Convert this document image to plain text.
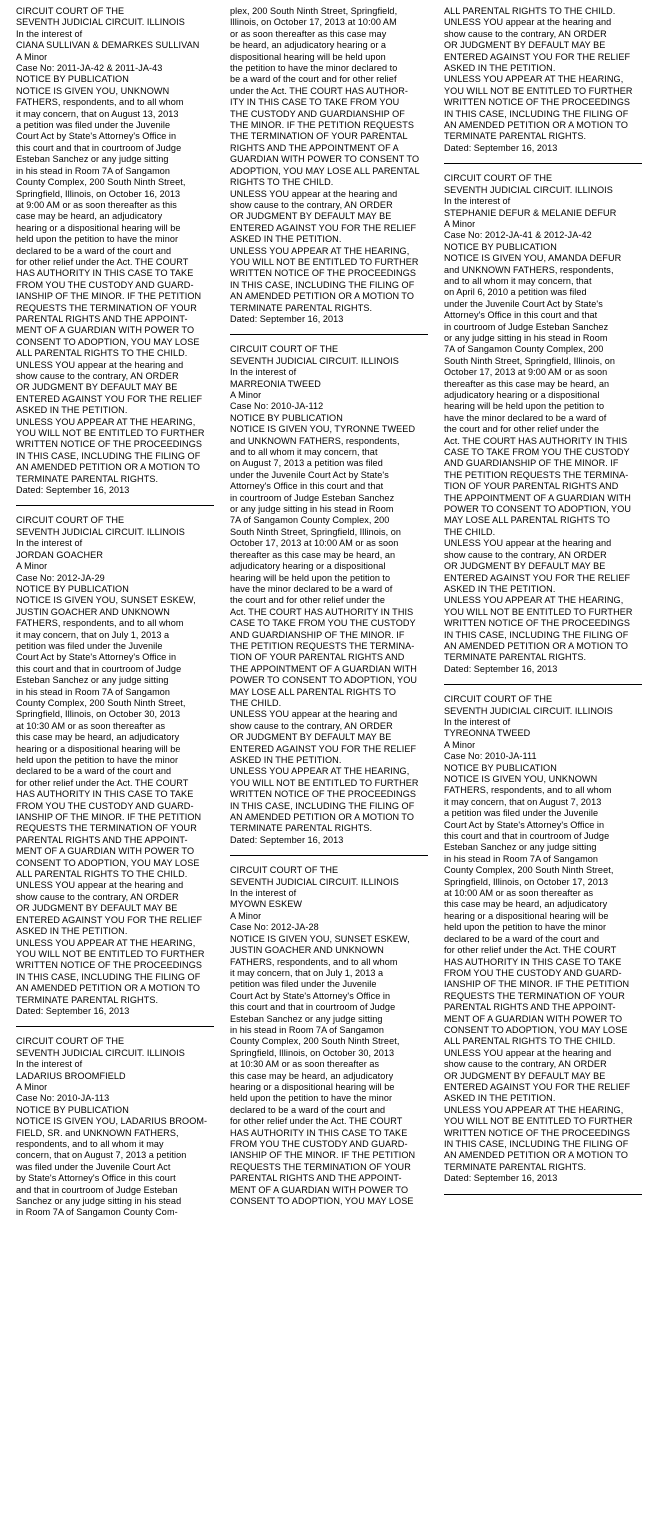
CIRCUIT COURT OF THE

SEVENTH JUDICIAL CIRCUIT. ILLINOIS

In the interest of

CIANA SULLIVAN & DEMARKES SULLIVAN

A Minor

Case No: 2011-JA-42 & 2011-JA-43

NOTICE BY PUBLICATION

NOTICE IS GIVEN YOU, UNKNOWN

FATHERS, respondents, and to all whom

it may concern, that on August 13, 2013

a petition was filed under the Juvenile

Court Act by State's Attorney's Office in

this court and that in courtroom of Judge

Esteban Sanchez or any judge sitting

in his stead in Room 7A of Sangamon

County Complex, 200 South Ninth Street,

Springfield, Illinois, on October 16, 2013

at 9:00 AM or as soon thereafter as this

case may be heard, an adjudicatory

hearing or a dispositional hearing will be

held upon the petition to have the minor

declared to be a ward of the court and

for other relief under the Act. THE COURT

HAS AUTHORITY IN THIS CASE TO TAKE

FROM YOU THE CUSTODY AND GUARD-

IANSHIP OF THE MINOR. IF THE PETITION

REQUESTS THE TERMINATION OF YOUR

PARENTAL RIGHTS AND THE APPOINT-

MENT OF A GUARDIAN WITH POWER TO

CONSENT TO ADOPTION, YOU MAY LOSE

ALL PARENTAL RIGHTS TO THE CHILD.

UNLESS YOU appear at the hearing and

show cause to the contrary, AN ORDER

OR JUDGMENT BY DEFAULT MAY BE

ENTERED AGAINST YOU FOR THE RELIEF

ASKED IN THE PETITION.

UNLESS YOU APPEAR AT THE HEARING,

YOU WILL NOT BE ENTITLED TO FURTHER

WRITTEN NOTICE OF THE PROCEEDINGS

IN THIS CASE, INCLUDING THE FILING OF

AN AMENDED PETITION OR A MOTION TO

TERMINATE PARENTAL RIGHTS.

Dated: September 16, 2013

CIRCUIT COURT OF THE

SEVENTH JUDICIAL CIRCUIT. ILLINOIS

In the interest of

JORDAN GOACHER

A Minor

Case No: 2012-JA-29

NOTICE BY PUBLICATION

NOTICE IS GIVEN YOU, SUNSET ESKEW,

JUSTIN GOACHER AND UNKNOWN

FATHERS, respondents, and to all whom

it may concern, that on July 1, 2013 a

petition was filed under the Juvenile

Court Act by State's Attorney's Office in

this court and that in courtroom of Judge

Esteban Sanchez or any judge sitting

in his stead in Room 7A of Sangamon

County Complex, 200 South Ninth Street,

Springfield, Illinois, on October 30, 2013

at 10:30 AM or as soon thereafter as

this case may be heard, an adjudicatory

hearing or a dispositional hearing will be

held upon the petition to have the minor

declared to be a ward of the court and

for other relief under the Act. THE COURT

HAS AUTHORITY IN THIS CASE TO TAKE

FROM YOU THE CUSTODY AND GUARD-

IANSHIP OF THE MINOR. IF THE PETITION

REQUESTS THE TERMINATION OF YOUR

PARENTAL RIGHTS AND THE APPOINT-

MENT OF A GUARDIAN WITH POWER TO

CONSENT TO ADOPTION, YOU MAY LOSE

ALL PARENTAL RIGHTS TO THE CHILD.

UNLESS YOU appear at the hearing and

show cause to the contrary, AN ORDER

OR JUDGMENT BY DEFAULT MAY BE

ENTERED AGAINST YOU FOR THE RELIEF

ASKED IN THE PETITION.

UNLESS YOU APPEAR AT THE HEARING,

YOU WILL NOT BE ENTITLED TO FURTHER

WRITTEN NOTICE OF THE PROCEEDINGS

IN THIS CASE, INCLUDING THE FILING OF

AN AMENDED PETITION OR A MOTION TO

TERMINATE PARENTAL RIGHTS.

Dated: September 16, 2013

CIRCUIT COURT OF THE

SEVENTH JUDICIAL CIRCUIT. ILLINOIS

In the interest of

LADARIUS BROOMFIELD

A Minor

Case No: 2010-JA-113

NOTICE BY PUBLICATION

NOTICE IS GIVEN YOU, LADARIUS BROOM-

FIELD, SR. and UNKNOWN FATHERS,

respondents, and to all whom it may

concern, that on August 7, 2013 a petition

was filed under the Juvenile Court Act

by State's Attorney's Office in this court

and that in courtroom of Judge Esteban

Sanchez or any judge sitting in his stead

in Room 7A of Sangamon County Com-

plex, 200 South Ninth Street, Springfield,

Illinois, on October 17, 2013 at 10:00 AM

or as soon thereafter as this case may

be heard, an adjudicatory hearing or a

dispositional hearing will be held upon

the petition to have the minor declared to

be a ward of the court and for other relief

under the Act. THE COURT HAS AUTHOR-

ITY IN THIS CASE TO TAKE FROM YOU

THE CUSTODY AND GUARDIANSHIP OF

THE MINOR. IF THE PETITION REQUESTS

THE TERMINATION OF YOUR PARENTAL

RIGHTS AND THE APPOINTMENT OF A

GUARDIAN WITH POWER TO CONSENT TO

ADOPTION, YOU MAY LOSE ALL PARENTAL

RIGHTS TO THE CHILD.

UNLESS YOU appear at the hearing and

show cause to the contrary, AN ORDER

OR JUDGMENT BY DEFAULT MAY BE

ENTERED AGAINST YOU FOR THE RELIEF

ASKED IN THE PETITION.

UNLESS YOU APPEAR AT THE HEARING,

YOU WILL NOT BE ENTITLED TO FURTHER

WRITTEN NOTICE OF THE PROCEEDINGS

IN THIS CASE, INCLUDING THE FILING OF

AN AMENDED PETITION OR A MOTION TO

TERMINATE PARENTAL RIGHTS.

Dated: September 16, 2013

CIRCUIT COURT OF THE

SEVENTH JUDICIAL CIRCUIT. ILLINOIS

In the interest of

MARREONIA TWEED

A Minor

Case No: 2010-JA-112

NOTICE BY PUBLICATION

NOTICE IS GIVEN YOU, TYRONNE TWEED

and UNKNOWN FATHERS, respondents,

and to all whom it may concern, that

on August 7, 2013 a petition was filed

under the Juvenile Court Act by State's

Attorney's Office in this court and that

in courtroom of Judge Esteban Sanchez

or any judge sitting in his stead in Room

7A of Sangamon County Complex, 200

South Ninth Street, Springfield, Illinois, on

October 17, 2013 at 10:00 AM or as soon

thereafter as this case may be heard, an

adjudicatory hearing or a dispositional

hearing will be held upon the petition to

have the minor declared to be a ward of

the court and for other relief under the

Act. THE COURT HAS AUTHORITY IN THIS

CASE TO TAKE FROM YOU THE CUSTODY

AND GUARDIANSHIP OF THE MINOR. IF

THE PETITION REQUESTS THE TERMINA-

TION OF YOUR PARENTAL RIGHTS AND

THE APPOINTMENT OF A GUARDIAN WITH

POWER TO CONSENT TO ADOPTION, YOU

MAY LOSE ALL PARENTAL RIGHTS TO

THE CHILD.

UNLESS YOU appear at the hearing and

show cause to the contrary, AN ORDER

OR JUDGMENT BY DEFAULT MAY BE

ENTERED AGAINST YOU FOR THE RELIEF

ASKED IN THE PETITION.

UNLESS YOU APPEAR AT THE HEARING,

YOU WILL NOT BE ENTITLED TO FURTHER

WRITTEN NOTICE OF THE PROCEEDINGS

IN THIS CASE, INCLUDING THE FILING OF

AN AMENDED PETITION OR A MOTION TO

TERMINATE PARENTAL RIGHTS.

Dated: September 16, 2013

CIRCUIT COURT OF THE

SEVENTH JUDICIAL CIRCUIT. ILLINOIS

In the interest of

MYOWN ESKEW

A Minor

Case No: 2012-JA-28

NOTICE IS GIVEN YOU, SUNSET ESKEW,

JUSTIN GOACHER AND UNKNOWN

FATHERS, respondents, and to all whom

it may concern, that on July 1, 2013 a

petition was filed under the Juvenile

Court Act by State's Attorney's Office in

this court and that in courtroom of Judge

Esteban Sanchez or any judge sitting

in his stead in Room 7A of Sangamon

County Complex, 200 South Ninth Street,

Springfield, Illinois, on October 30, 2013

at 10:30 AM or as soon thereafter as

this case may be heard, an adjudicatory

hearing or a dispositional hearing will be

held upon the petition to have the minor

declared to be a ward of the court and

for other relief under the Act. THE COURT

HAS AUTHORITY IN THIS CASE TO TAKE

FROM YOU THE CUSTODY AND GUARD-

IANSHIP OF THE MINOR. IF THE PETITION

REQUESTS THE TERMINATION OF YOUR

PARENTAL RIGHTS AND THE APPOINT-

MENT OF A GUARDIAN WITH POWER TO

CONSENT TO ADOPTION, YOU MAY LOSE

ALL PARENTAL RIGHTS TO THE CHILD.

UNLESS YOU appear at the hearing and

show cause to the contrary, AN ORDER

OR JUDGMENT BY DEFAULT MAY BE

ENTERED AGAINST YOU FOR THE RELIEF

ASKED IN THE PETITION.

UNLESS YOU APPEAR AT THE HEARING,

YOU WILL NOT BE ENTITLED TO FURTHER

WRITTEN NOTICE OF THE PROCEEDINGS

IN THIS CASE, INCLUDING THE FILING OF

AN AMENDED PETITION OR A MOTION TO

TERMINATE PARENTAL RIGHTS.

Dated: September 16, 2013

CIRCUIT COURT OF THE

SEVENTH JUDICIAL CIRCUIT. ILLINOIS

In the interest of

STEPHANIE DEFUR & MELANIE DEFUR

A Minor

Case No: 2012-JA-41 & 2012-JA-42

NOTICE BY PUBLICATION

NOTICE IS GIVEN YOU, AMANDA DEFUR

and UNKNOWN FATHERS, respondents,

and to all whom it may concern, that

on April 6, 2010 a petition was filed

under the Juvenile Court Act by State's

Attorney's Office in this court and that

in courtroom of Judge Esteban Sanchez

or any judge sitting in his stead in Room

7A of Sangamon County Complex, 200

South Ninth Street, Springfield, Illinois, on

October 17, 2013 at 9:00 AM or as soon

thereafter as this case may be heard, an

adjudicatory hearing or a dispositional

hearing will be held upon the petition to

have the minor declared to be a ward of

the court and for other relief under the

Act. THE COURT HAS AUTHORITY IN THIS

CASE TO TAKE FROM YOU THE CUSTODY

AND GUARDIANSHIP OF THE MINOR. IF

THE PETITION REQUESTS THE TERMINA-

TION OF YOUR PARENTAL RIGHTS AND

THE APPOINTMENT OF A GUARDIAN WITH

POWER TO CONSENT TO ADOPTION, YOU

MAY LOSE ALL PARENTAL RIGHTS TO

THE CHILD.

UNLESS YOU appear at the hearing and

show cause to the contrary, AN ORDER

OR JUDGMENT BY DEFAULT MAY BE

ENTERED AGAINST YOU FOR THE RELIEF

ASKED IN THE PETITION.

UNLESS YOU APPEAR AT THE HEARING,

YOU WILL NOT BE ENTITLED TO FURTHER

WRITTEN NOTICE OF THE PROCEEDINGS

IN THIS CASE, INCLUDING THE FILING OF

AN AMENDED PETITION OR A MOTION TO

TERMINATE PARENTAL RIGHTS.

Dated: September 16, 2013

CIRCUIT COURT OF THE

SEVENTH JUDICIAL CIRCUIT. ILLINOIS

In the interest of

TYREONNA TWEED

A Minor

Case No: 2010-JA-111

NOTICE BY PUBLICATION

NOTICE IS GIVEN YOU, UNKNOWN

FATHERS, respondents, and to all whom

it may concern, that on August 7, 2013

a petition was filed under the Juvenile

Court Act by State's Attorney's Office in

this court and that in courtroom of Judge

Esteban Sanchez or any judge sitting

in his stead in Room 7A of Sangamon

County Complex, 200 South Ninth Street,

Springfield, Illinois, on October 17, 2013

at 10:00 AM or as soon thereafter as

this case may be heard, an adjudicatory

hearing or a dispositional hearing will be

held upon the petition to have the minor

declared to be a ward of the court and

for other relief under the Act. THE COURT

HAS AUTHORITY IN THIS CASE TO TAKE

FROM YOU THE CUSTODY AND GUARD-

IANSHIP OF THE MINOR. IF THE PETITION

REQUESTS THE TERMINATION OF YOUR

PARENTAL RIGHTS AND THE APPOINT-

MENT OF A GUARDIAN WITH POWER TO

CONSENT TO ADOPTION, YOU MAY LOSE

ALL PARENTAL RIGHTS TO THE CHILD.

UNLESS YOU appear at the hearing and

show cause to the contrary, AN ORDER

OR JUDGMENT BY DEFAULT MAY BE

ENTERED AGAINST YOU FOR THE RELIEF

ASKED IN THE PETITION.

UNLESS YOU APPEAR AT THE HEARING,

YOU WILL NOT BE ENTITLED TO FURTHER

WRITTEN NOTICE OF THE PROCEEDINGS

IN THIS CASE, INCLUDING THE FILING OF

AN AMENDED PETITION OR A MOTION TO

TERMINATE PARENTAL RIGHTS.

Dated: September 16, 2013
